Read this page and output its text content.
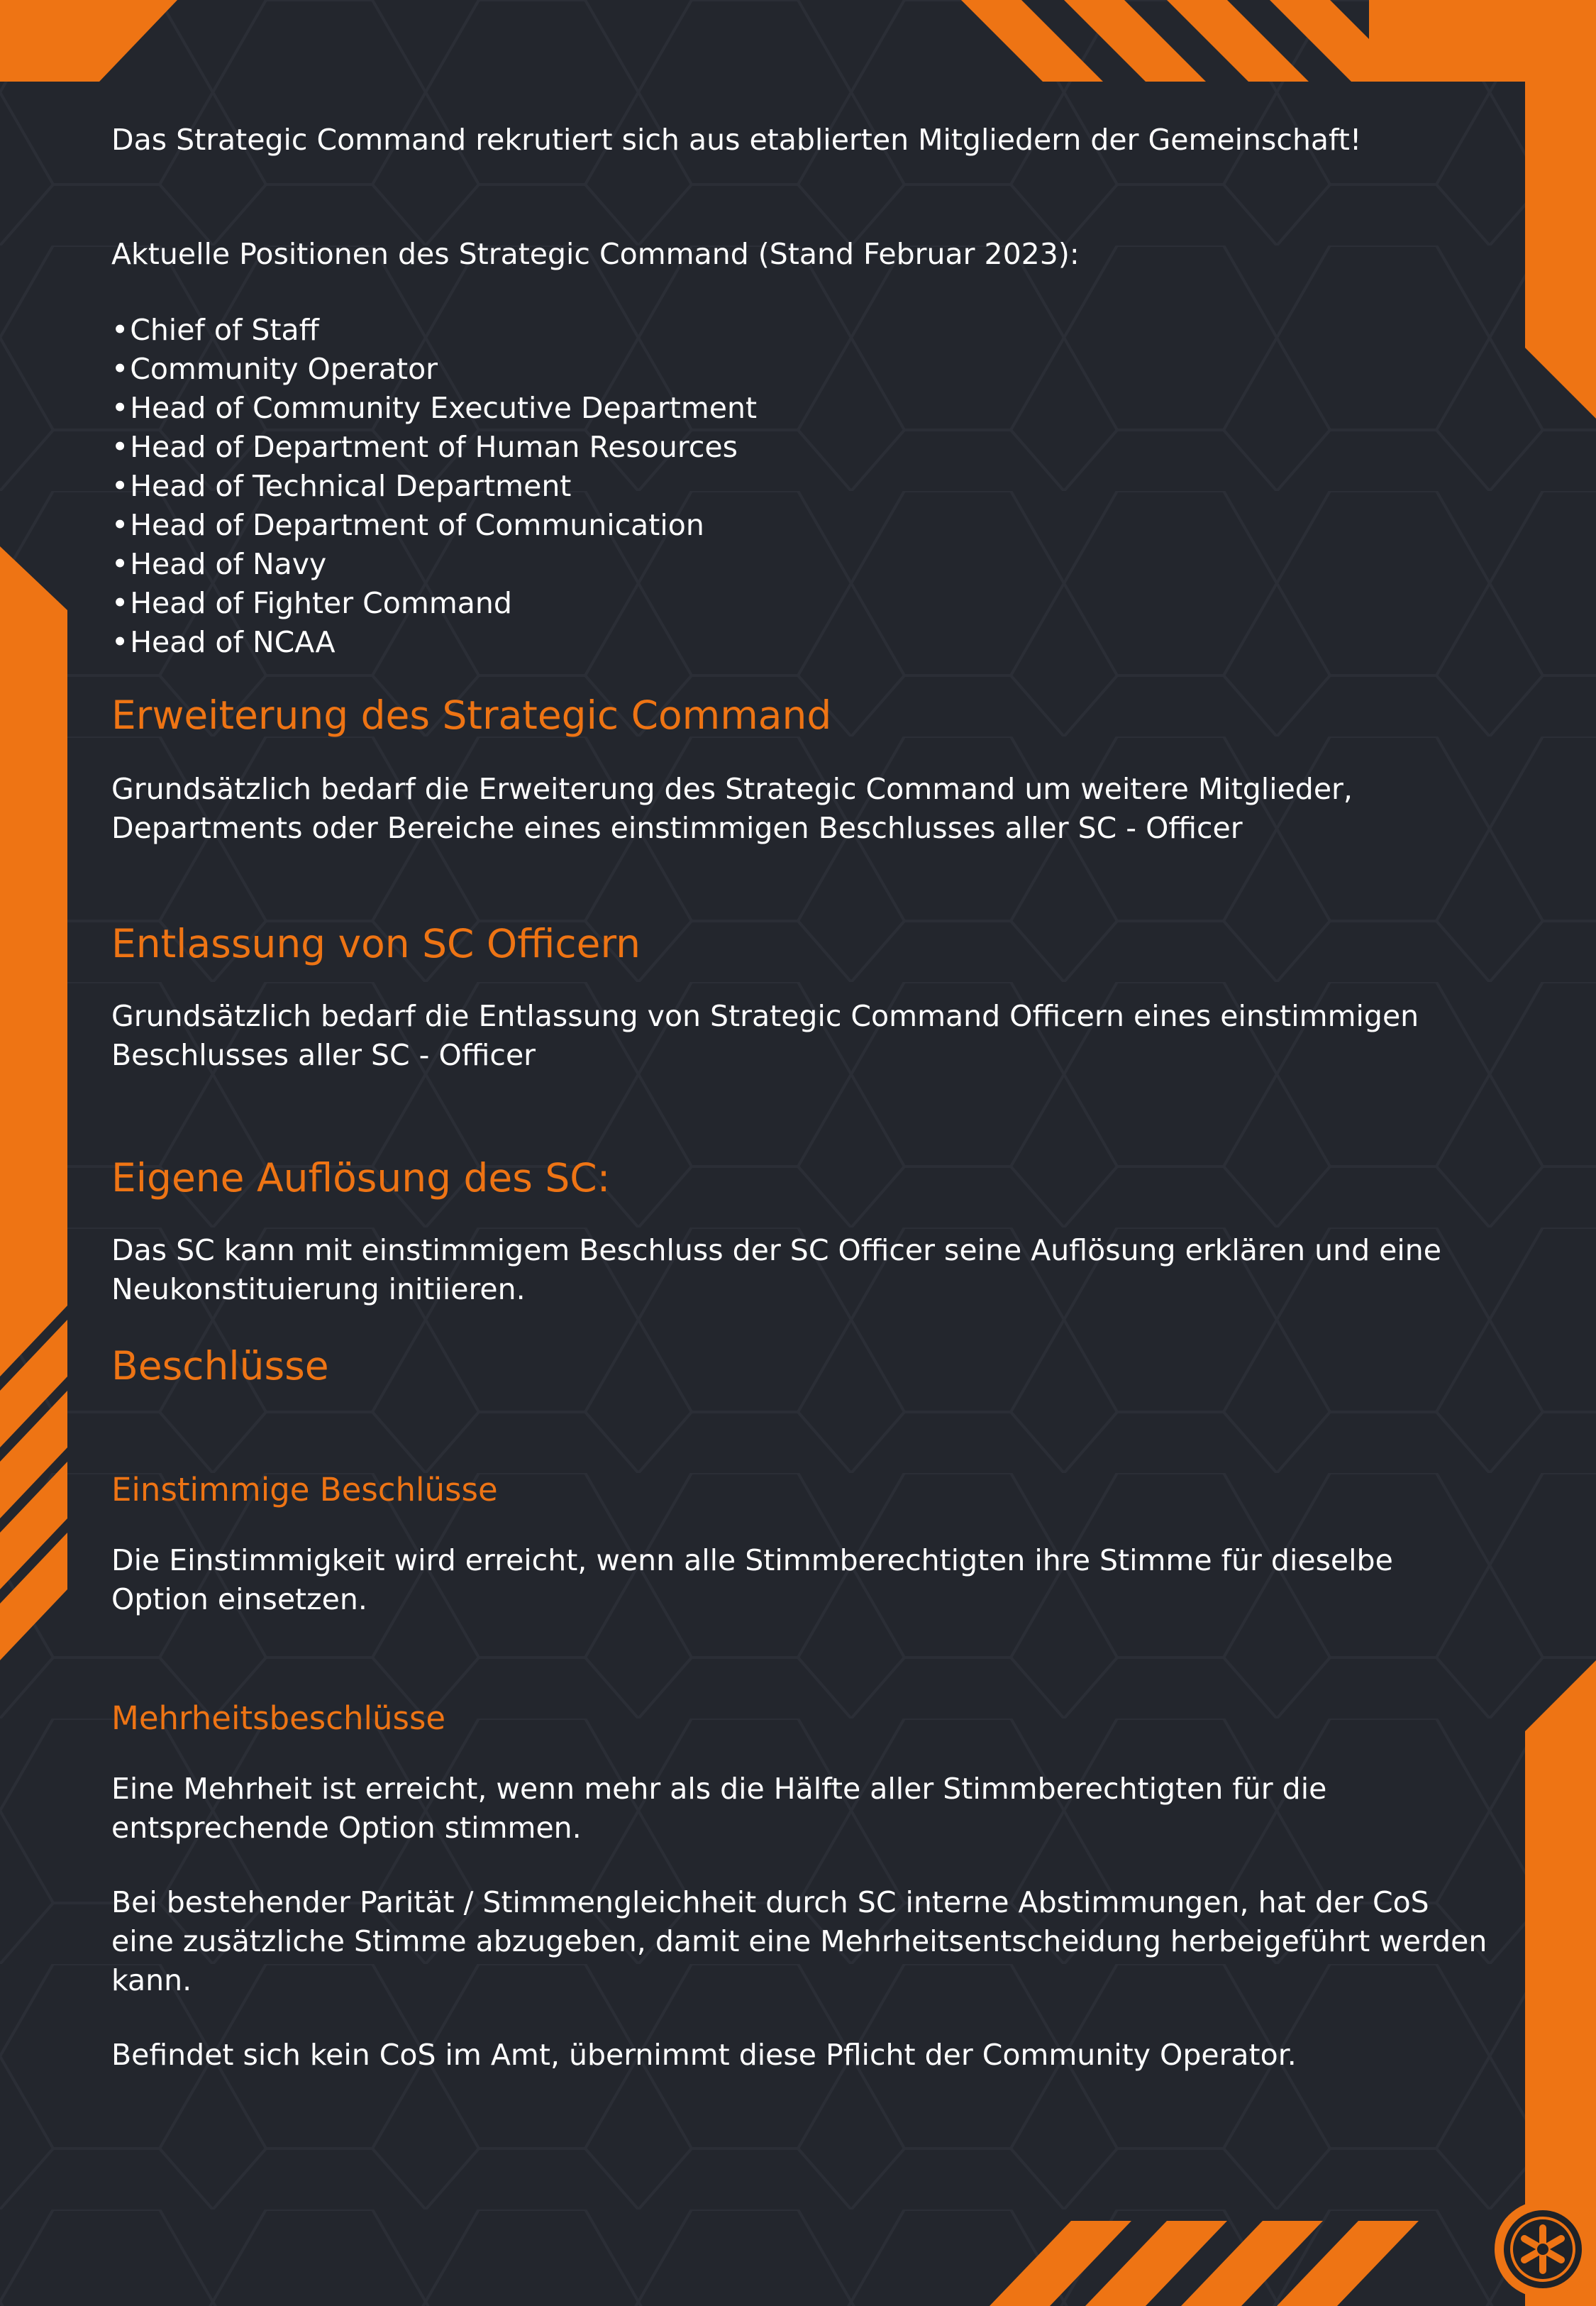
Das Strategic Command rekrutiert sich aus etablierten Mitgliedern der Gemeinschaft!

Aktuelle Positionen des Strategic Command (Stand Februar 2023):

•Chief of Staff
•Community Operator
•Head of Community Executive Department
•Head of Department of Human Resources
•Head of Technical Department
•Head of Department of Communication
•Head of Navy
•Head of Fighter Command
•Head of NCAA
Erweiterung des Strategic Command

Grundsätzlich bedarf die Erweiterung des Strategic Command um weitere Mitglieder,

Departments oder Bereiche eines einstimmigen Beschlusses aller SC - Officer

Entlassung von SC Officern

Grundsätzlich bedarf die Entlassung von Strategic Command Officern eines einstimmigen

Beschlusses aller SC - Officer

Eigene Auflösung des SC:

Das SC kann mit einstimmigem Beschluss der SC Officer seine Auflösung erklären und eine

Neukonstituierung initiieren.

Beschlüsse
Einstimmige Beschlüsse

Die Einstimmigkeit wird erreicht, wenn alle Stimmberechtigten ihre Stimme für dieselbe

Option einsetzen.

Mehrheitsbeschlüsse

Eine Mehrheit ist erreicht, wenn mehr als die Hälfte aller Stimmberechtigten für die

entsprechende Option stimmen.

Bei bestehender Parität / Stimmengleichheit durch SC interne Abstimmungen, hat der CoS

eine zusätzliche Stimme abzugeben, damit eine Mehrheitsentscheidung herbeigeführt werden

kann.

Befindet sich kein CoS im Amt, übernimmt diese Pflicht der Community Operator.
